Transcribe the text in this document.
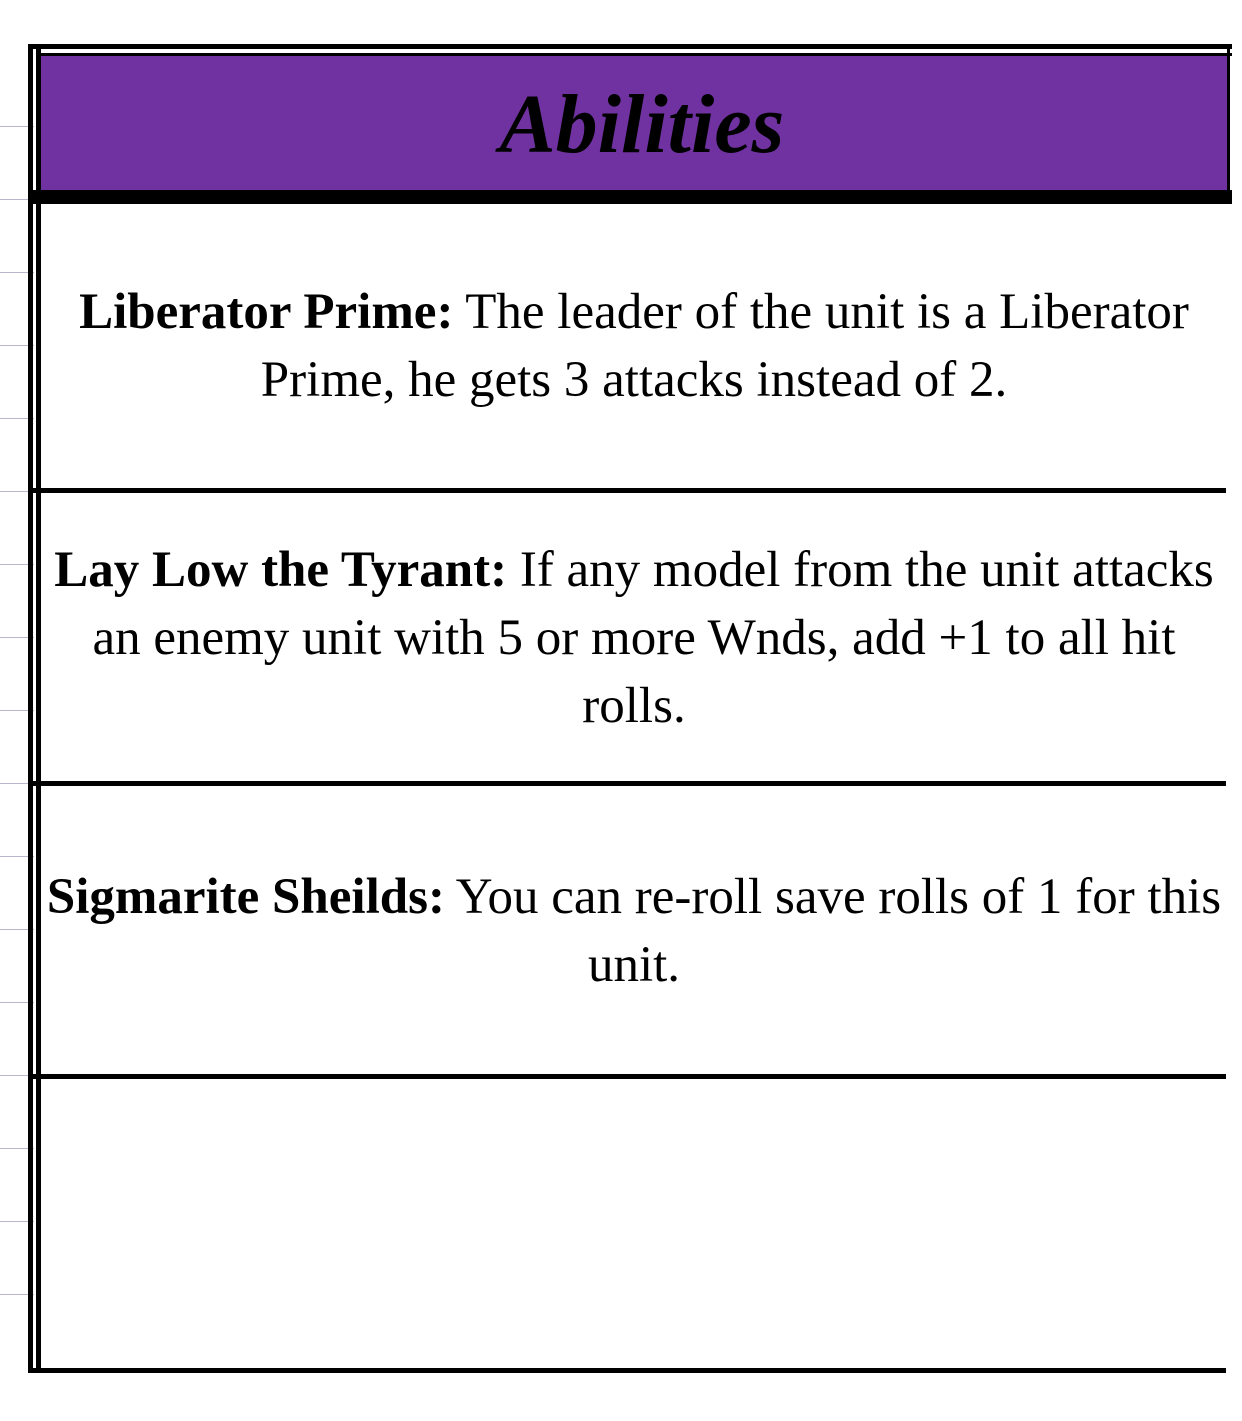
Abilities
Liberator Prime: The leader of the unit is a Liberator Prime, he gets 3 attacks instead of 2.
Lay Low the Tyrant: If any model from the unit attacks an enemy unit with 5 or more Wnds, add +1 to all hit rolls.
Sigmarite Sheilds: You can re-roll save rolls of 1 for this unit.
